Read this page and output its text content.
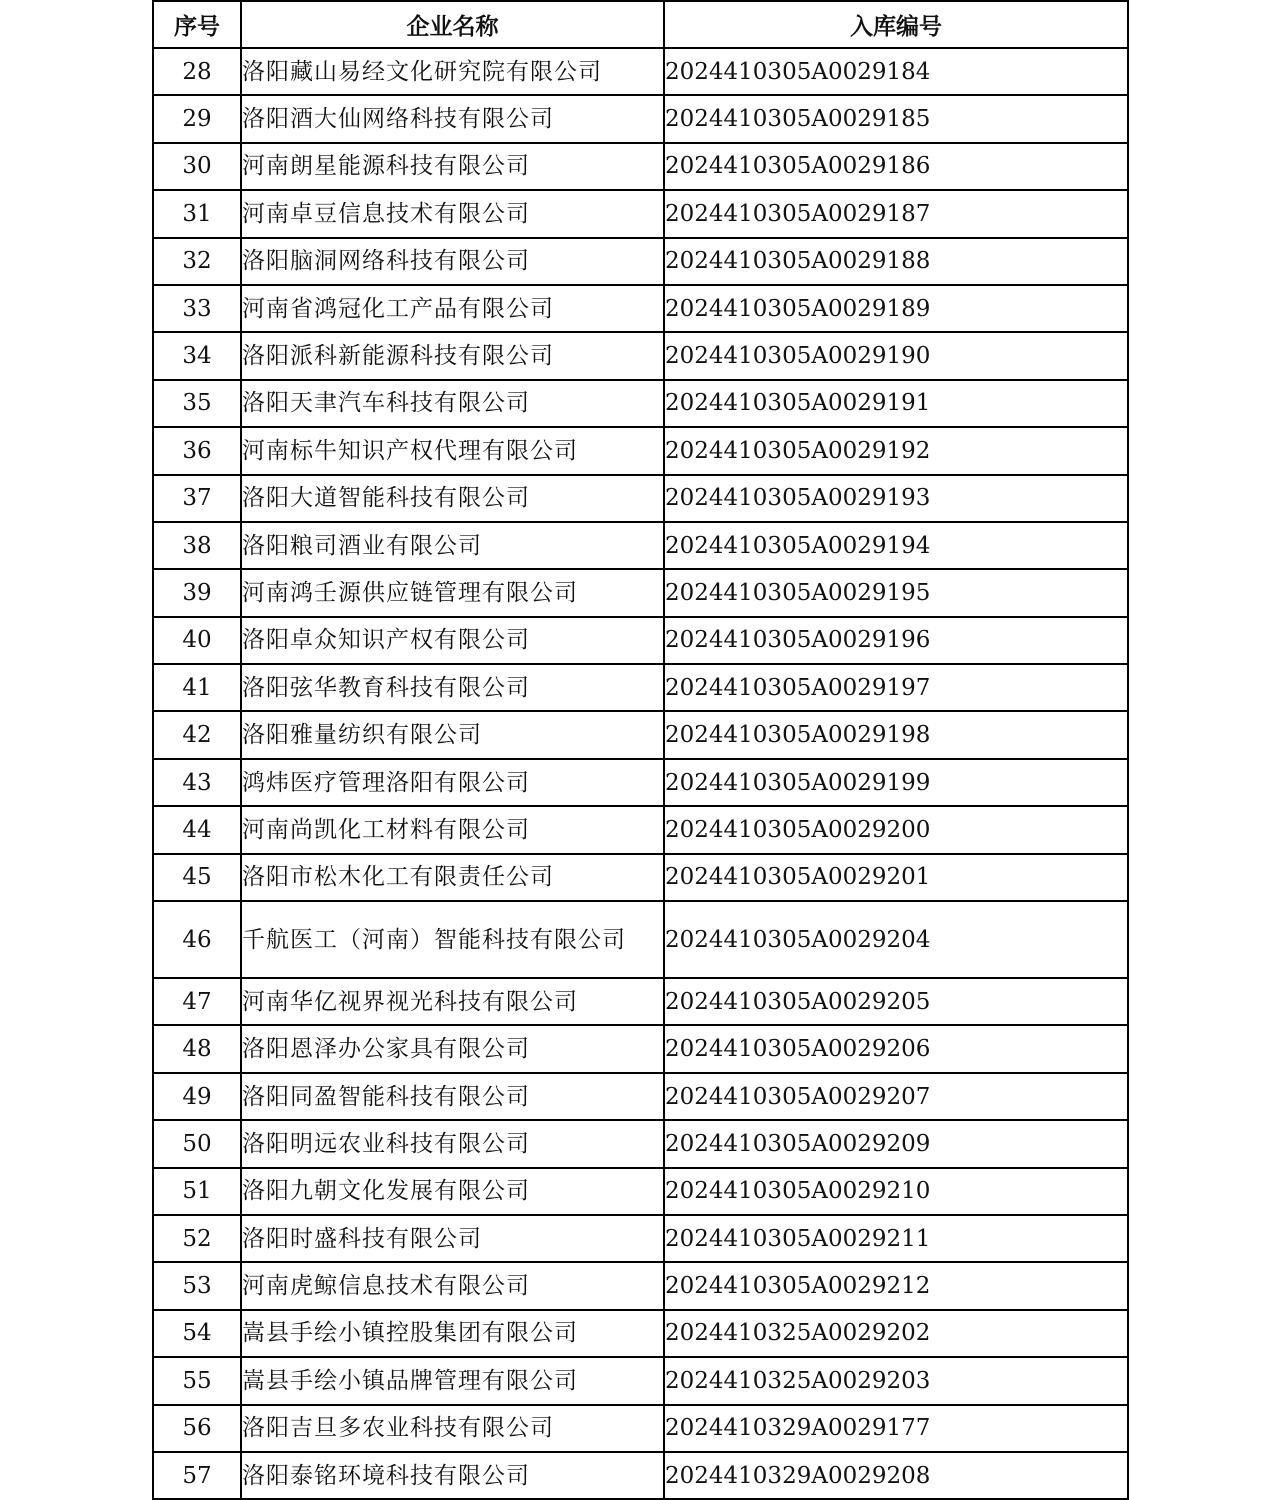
序号	企业名称	入库编号
28	洛阳藏山易经文化研究院有限公司	2024410305A0029184
29	洛阳酒大仙网络科技有限公司	2024410305A0029185
30	河南朗星能源科技有限公司	2024410305A0029186
31	河南卓豆信息技术有限公司	2024410305A0029187
32	洛阳脑洞网络科技有限公司	2024410305A0029188
33	河南省鸿冠化工产品有限公司	2024410305A0029189
34	洛阳派科新能源科技有限公司	2024410305A0029190
35	洛阳天聿汽车科技有限公司	2024410305A0029191
36	河南标牛知识产权代理有限公司	2024410305A0029192
37	洛阳大道智能科技有限公司	2024410305A0029193
38	洛阳粮司酒业有限公司	2024410305A0029194
39	河南鸿壬源供应链管理有限公司	2024410305A0029195
40	洛阳卓众知识产权有限公司	2024410305A0029196
41	洛阳弦华教育科技有限公司	2024410305A0029197
42	洛阳雅量纺织有限公司	2024410305A0029198
43	鸿炜医疗管理洛阳有限公司	2024410305A0029199
44	河南尚凯化工材料有限公司	2024410305A0029200
45	洛阳市松木化工有限责任公司	2024410305A0029201
46	千航医工（河南）智能科技有限公司	2024410305A0029204
47	河南华亿视界视光科技有限公司	2024410305A0029205
48	洛阳恩泽办公家具有限公司	2024410305A0029206
49	洛阳同盈智能科技有限公司	2024410305A0029207
50	洛阳明远农业科技有限公司	2024410305A0029209
51	洛阳九朝文化发展有限公司	2024410305A0029210
52	洛阳时盛科技有限公司	2024410305A0029211
53	河南虎鲸信息技术有限公司	2024410305A0029212
54	嵩县手绘小镇控股集团有限公司	2024410325A0029202
55	嵩县手绘小镇品牌管理有限公司	2024410325A0029203
56	洛阳吉旦多农业科技有限公司	2024410329A0029177
57	洛阳泰铭环境科技有限公司	2024410329A0029208
